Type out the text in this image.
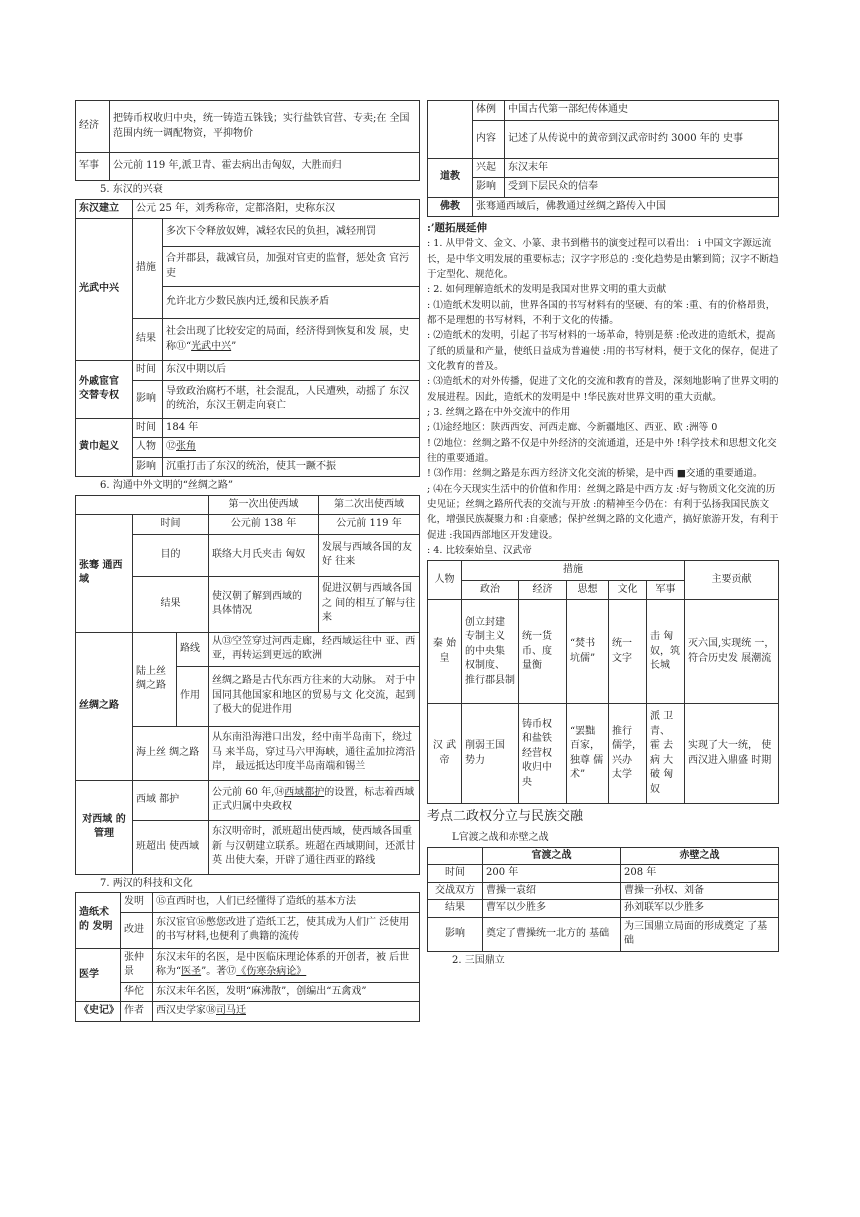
经济	把铸币权收归中央，统一铸造五铢钱；实行盐铁官营、专卖;在 全国范围内统一调配物资，平抑物价
军事	公元前 119 年,派卫青、霍去病出击匈奴，大胜而归
5. 东汉的兴衰
东汉建立	公元 25 年，刘秀称帝，定都洛阳，史称东汉	
光武中兴	措施	多次下令释放奴婢，减轻农民的负担，减轻刑罚
		合并郡县，裁减官员，加强对官吏的监督，惩处贪 官污吏
		允许北方少数民族内迁,缓和民族矛盾
	结果	社会出现了比较安定的局面，经济得到恢复和发 展，史称⑪“光武中兴”
外戚宦官 交替专权	时间	东汉中期以后
	影响	导致政治腐朽不堪，社会混乱，人民遭殃，动摇了 东汉的统治，东汉王朝走向衰亡
黄巾起义	时间	184 年
	人物	⑫张角
	影响	沉重打击了东汉的统治，使其一蹶不振
6. 沟通中外文明的“丝绸之路”
			第一次出使西域	第二次出使西域
张骞 通西域	时间		公元前 138 年	公元前 119 年
	目的		联络大月氏夹击 匈奴	发展与西域各国的友好 往来
	结果		使汉朝了解到西域的 具体情况	促进汉朝与西域各国之 间的相互了解与往来
丝绸之路	陆上丝 绸之路	路线	从⑬空笠穿过河西走廊，经西域运往中 亚、西亚，再转运到更远的欧洲	
		作用	丝绸之路是古代东西方往来的大动脉。 对于中国同其他国家和地区的贸易与文 化交流，起到了极大的促进作用	
	海上丝 绸之路		从东南沿海港口出发，经中南半岛南下，绕过马 来半岛，穿过马六甲海峡，通往孟加拉湾沿岸， 最远抵达印度半岛南端和锡兰	
对西域 的管理	西域 都护		公元前 60 年,⑭西域都护的设置，标志着西域 正式归属中央政权	
	班超出 使西域		东汉明帝时，派班超出使西域，使西域各国重新 与汉朝建立联系。班超在西域期间，还派甘英 出使大秦，开辟了通往西亚的路线	
7. 两汉的科技和文化
造纸术的 发明	发明	⑮直西时也，人们已经懂得了造纸的基本方法
	改进	东汉宦官⑯憋您改进了造纸工艺，使其成为人们广 泛使用的书写材料,也便利了典籍的流传
医学	张仲景	东汉末年的名医，是中医临床理论体系的开创者，被 后世称为“医圣”。著⑰《伤寒杂病论》
	华佗	东汉末年名医，发明“麻沸散”，创编出“五禽戏”
《史记》	作者	西汉史学家⑱司马迁
	体例	中国古代第一部纪传体通史
	内容	记述了从传说中的黄帝到汉武帝时约 3000 年的 史事
道教	兴起	东汉末年
	影响	受到下层民众的信奉
佛教	张骞通西域后，佛教通过丝绸之路传入中国	
:’题拓展延伸

: 1. 从甲骨文、金文、小篆、隶书到楷书的演变过程可以看出： i 中国文字源远流长，是中华文明发展的重要标志；汉字字形总的 :变化趋势是由繁到简；汉字不断趋于定型化、规范化。

: 2. 如何理解造纸术的发明是我国对世界文明的重大贡献

: ⑴造纸术发明以前，世界各国的书写材料有的坚硬、有的笨 :重、有的价格昂贵，都不是理想的书写材料，不利于文化的传播。

: ⑵造纸术的发明，引起了书写材料的一场革命，特别是蔡 :伦改进的造纸术，提高了纸的质量和产量，使纸日益成为普遍使 :用的书写材料，便于文化的保存，促进了文化教育的普及。

: ⑶造纸术的对外传播，促进了文化的交流和教育的普及，深刻地影响了世界文明的发展进程。因此，造纸术的发明是中 !华民族对世界文明的重大贡献。

; 3. 丝绸之路在中外交流中的作用

; ⑴途经地区：陕西西安、河西走廊、今新疆地区、西亚、欧 :洲等 0

! ⑵地位：丝绸之路不仅是中外经济的交流通道，还是中外 !科学技术和思想文化交往的重要通道。

! ⑶作用：丝绸之路是东西方经济文化交流的桥梁，是中西 ■交通的重要通道。

; ⑷在今天现实生活中的价值和作用：丝绸之路是中西方友 :好与物质文化交流的历史见证；丝绸之路所代表的交流与开放 :的精神至今仍在：有利于弘扬我国民族文化，增强民族凝聚力和 :自豪感；保护丝绸之路的文化遗产，搞好旅游开发，有利于促进 :我国西部地区开发建设。

: 4. 比较秦始皇、汉武帝

人物	措施					主要贡献
	政治	经济	思想	文化	军事	
秦 始 皇	创立封建 专制主义 的中央集 权制度、 推行郡县制	统一货 币、度 量衡	“焚书 坑儒”	统一 文字	击 匈 奴，筑 长城	灭六国,实现统 一，符合历史发 展潮流
汉 武 帝	削弱王国 势力	铸币权 和盐铁 经营权 收归中 央	“罢黜 百家， 独尊 儒术”	推行 儒学， 兴办 太学	派 卫 青、 霍 去病 大 破 匈奴	实现了大一统， 使西汉进入鼎盛 时期
考点二政权分立与民族交融
L官渡之战和赤壁之战
	官渡之战	赤壁之战
时间	200 年	208 年
交战双方	曹操一袁绍	曹操一孙权、刘备
结果	曹军以少胜多	孙刘联军以少胜多
影响	奠定了曹操统一北方的 基础	为三国鼎立局面的形成奠定 了基础
2. 三国鼎立
